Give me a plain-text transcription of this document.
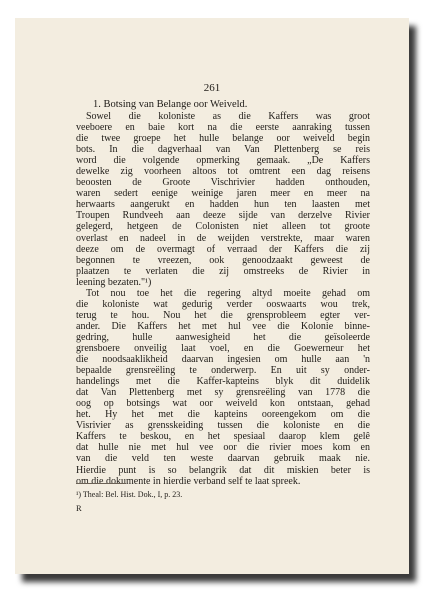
261
1. Botsing van Belange oor Weiveld.
Sowel die koloniste as die Kaffers was groot
veeboere en baie kort na die eerste aanraking tussen
die twee groepe het hulle belange oor weiveld begin
bots. In die dagverhaal van Van Plettenberg se reis
word die volgende opmerking gemaak. „De Kaffers
dewelke zig voorheen altoos tot omtrent een dag reisens
beoosten de Groote Vischrivier hadden onthouden,
waren sedert eenige weinige jaren meer en meer na
herwaarts aangerukt en hadden hun ten laasten met
Troupen Rundveeh aan deeze sijde van derzelve Rivier
gelegerd, hetgeen de Colonisten niet alleen tot groote
overlast en nadeel in de weijden verstrekte, maar waren
deeze om de overmagt of verraad der Kaffers die zij
begonnen te vreezen, ook genoodzaakt geweest de
plaatzen te verlaten die zij omstreeks de Rivier in
leening bezaten."¹)
Tot nou toe het die regering altyd moeite gehad om
die koloniste wat gedurig verder ooswaarts wou trek,
terug te hou. Nou het die grensprobleem egter ver-
ander. Die Kaffers het met hul vee die Kolonie binne-
gedring, hulle aanwesigheid het die geïsoleerde
grensboere onveilig laat voel, en die Goewerneur het
die noodsaaklikheid daarvan ingesien om hulle aan 'n
bepaalde grensreëling te onderwerp. En uit sy onder-
handelings met die Kaffer-kapteins blyk dit duidelik
dat Van Plettenberg met sy grensreëling van 1778 die
oog op botsings wat oor weiveld kon ontstaan, gehad
het. Hy het met die kapteins ooreengekom om die
Visrivier as grensskeiding tussen die koloniste en die
Kaffers te beskou, en het spesiaal daarop klem gelê
dat hulle nie met hul vee oor die rivier moes kom en
van die veld ten weste daarvan gebruik maak nie.
Hierdie punt is so belangrik dat dit miskien beter is
om die dokumente in hierdie verband self te laat spreek.
¹) Theal: Bel. Hist. Dok., I, p. 23.
R
